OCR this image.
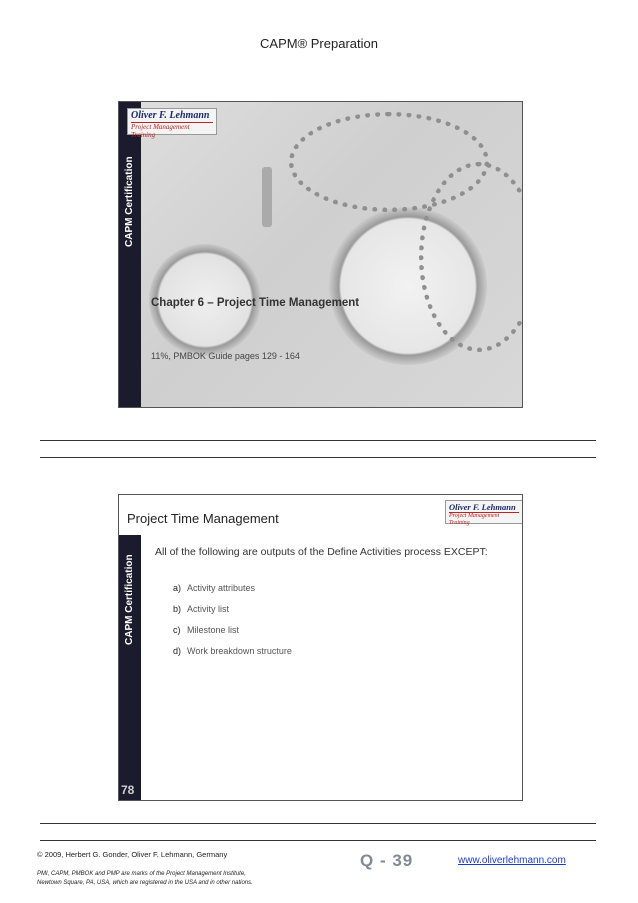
CAPM® Preparation
CAPM Certification
Oliver F. Lehmann
Project Management Training
Chapter 6 – Project Time Management
11%, PMBOK Guide pages 129 - 164
CAPM Certification
78
Project Time Management
Oliver F. Lehmann
Project Management Training
All of the following are outputs of the Define Activities process EXCEPT:
a) Activity attributes
b) Activity list
c) Milestone list
d) Work breakdown structure
© 2009, Herbert G. Gonder, Oliver F. Lehmann, Germany
PMI, CAPM, PMBOK and PMP are marks of the Project Management Institute,
Newtown Square, PA, USA, which are registered in the USA and in other nations.
Q - 39	www.oliverlehmann.com
